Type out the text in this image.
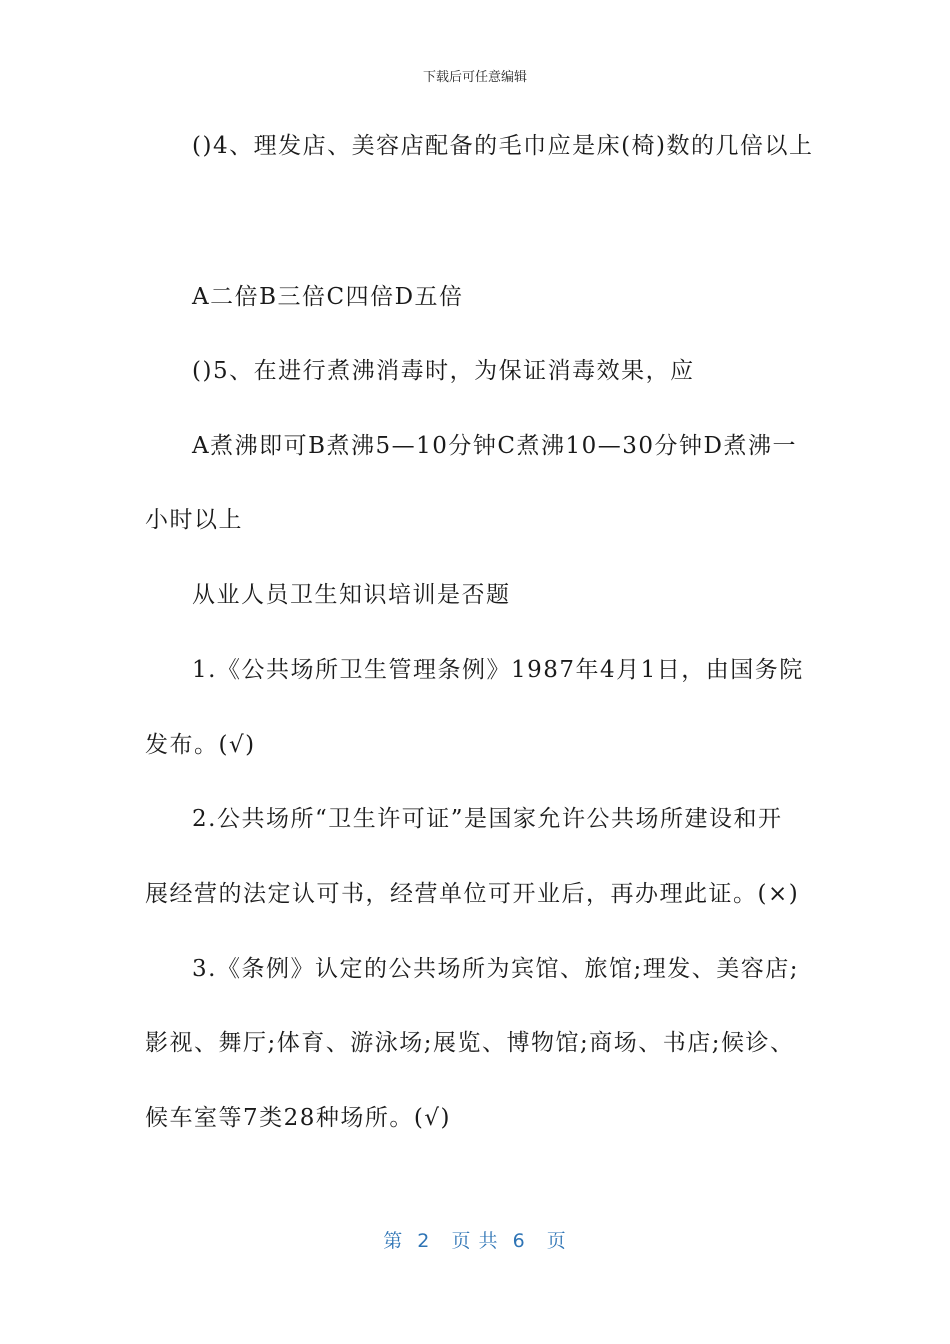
下载后可任意编辑
()4、理发店、美容店配备的毛巾应是床(椅)数的几倍以上
A二倍B三倍C四倍D五倍
()5、在进行煮沸消毒时，为保证消毒效果，应
A煮沸即可B煮沸5—10分钟C煮沸10—30分钟D煮沸一
小时以上
从业人员卫生知识培训是否题
1.《公共场所卫生管理条例》1987年4月1日，由国务院
发布。(√)
2.公共场所“卫生许可证”是国家允许公共场所建设和开
展经营的法定认可书，经营单位可开业后，再办理此证。(×)
3.《条例》认定的公共场所为宾馆、旅馆;理发、美容店;
影视、舞厅;体育、游泳场;展览、博物馆;商场、书店;候诊、
候车室等7类28种场所。(√)
第  2   页 共  6   页
